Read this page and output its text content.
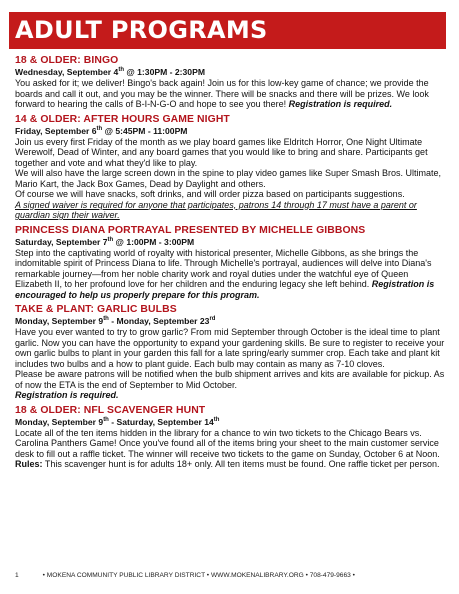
ADULT PROGRAMS
18 & OLDER: BINGO
Wednesday, September 4th @ 1:30PM - 2:30PM
You asked for it; we deliver! Bingo's back again! Join us for this low-key game of chance; we provide the boards and call it out, and you may be the winner. There will be snacks and there will be prizes. We look forward to hearing the calls of B-I-N-G-O and hope to see you there! Registration is required.
14 & OLDER: AFTER HOURS GAME NIGHT
Friday, September 6th @ 5:45PM - 11:00PM
Join us every first Friday of the month as we play board games like Eldritch Horror, One Night Ultimate Werewolf, Dead of Winter, and any board games that you would like to bring and share. Participants get together and vote and what they'd like to play.
We will also have the large screen down in the spine to play video games like Super Smash Bros. Ultimate, Mario Kart, the Jack Box Games, Dead by Daylight and others.
Of course we will have snacks, soft drinks, and will order pizza based on participants suggestions.
A signed waiver is required for anyone that participates, patrons 14 through 17 must have a parent or guardian sign their waiver.
PRINCESS DIANA PORTRAYAL PRESENTED BY MICHELLE GIBBONS
Saturday, September 7th @ 1:00PM - 3:00PM
Step into the captivating world of royalty with historical presenter, Michelle Gibbons, as she brings the indomitable spirit of Princess Diana to life. Through Michelle's portrayal, audiences will delve into Diana's remarkable journey—from her noble charity work and royal duties under the watchful eye of Queen Elizabeth II, to her profound love for her children and the enduring legacy she left behind. Registration is encouraged to help us properly prepare for this program.
TAKE & PLANT: GARLIC BULBS
Monday, September 9th - Monday, September 23rd
Have you ever wanted to try to grow garlic? From mid September through October is the ideal time to plant garlic. Now you can have the opportunity to expand your gardening skills. Be sure to register to receive your own garlic bulbs to plant in your garden this fall for a late spring/early summer crop. Each take and plant kit includes two bulbs and a how to plant guide. Each bulb may contain as many as 7-10 cloves.
Please be aware patrons will be notified when the bulb shipment arrives and kits are available for pickup. As of now the ETA is the end of September to Mid October.
Registration is required.
18 & OLDER: NFL SCAVENGER HUNT
Monday, September 9th - Saturday, September 14th
Locate all of the ten items hidden in the library for a chance to win two tickets to the Chicago Bears vs. Carolina Panthers Game! Once you've found all of the items bring your sheet to the main customer service desk to fill out a raffle ticket. The winner will receive two tickets to the game on Sunday, October 6 at Noon. Rules: This scavenger hunt is for adults 18+ only. All ten items must be found. One raffle ticket per person.
1	• MOKENA COMMUNITY PUBLIC LIBRARY DISTRICT • WWW.MOKENALIBRARY.ORG • 708-479-9663 •
